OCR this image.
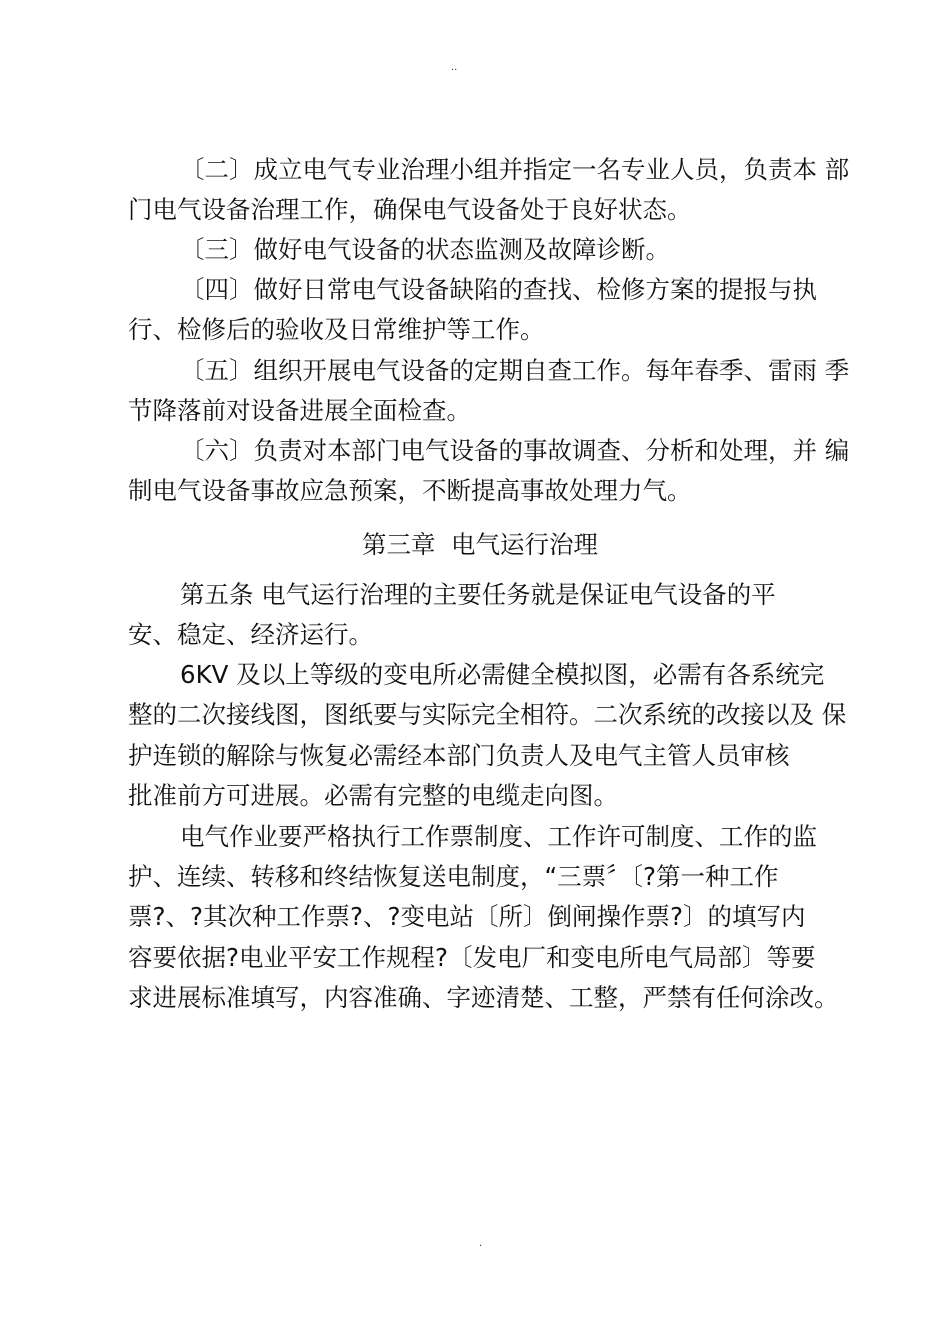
..
〔二〕成立电气专业治理小组并指定一名专业人员，负责本 部
门电气设备治理工作，确保电气设备处于良好状态。
〔三〕做好电气设备的状态监测及故障诊断。
〔四〕做好日常电气设备缺陷的查找、检修方案的提报与执
行、检修后的验收及日常维护等工作。
〔五〕组织开展电气设备的定期自查工作。每年春季、雷雨 季
节降落前对设备进展全面检查。
〔六〕负责对本部门电气设备的事故调查、分析和处理，并 编
制电气设备事故应急预案，不断提高事故处理力气。
第三章  电气运行治理
第五条 电气运行治理的主要任务就是保证电气设备的平
安、稳定、经济运行。
6KV 及以上等级的变电所必需健全模拟图，必需有各系统完
整的二次接线图，图纸要与实际完全相符。二次系统的改接以及 保
护连锁的解除与恢复必需经本部门负责人及电气主管人员审核
批准前方可进展。必需有完整的电缆走向图。
电气作业要严格执行工作票制度、工作许可制度、工作的监
护、连续、转移和终结恢复送电制度，“三票〞〔?第一种工作
票?、?其次种工作票?、?变电站〔所〕倒闸操作票?〕的填写内
容要依据?电业平安工作规程?〔发电厂和变电所电气局部〕等要
求进展标准填写，内容准确、字迹清楚、工整，严禁有任何涂改。
.
